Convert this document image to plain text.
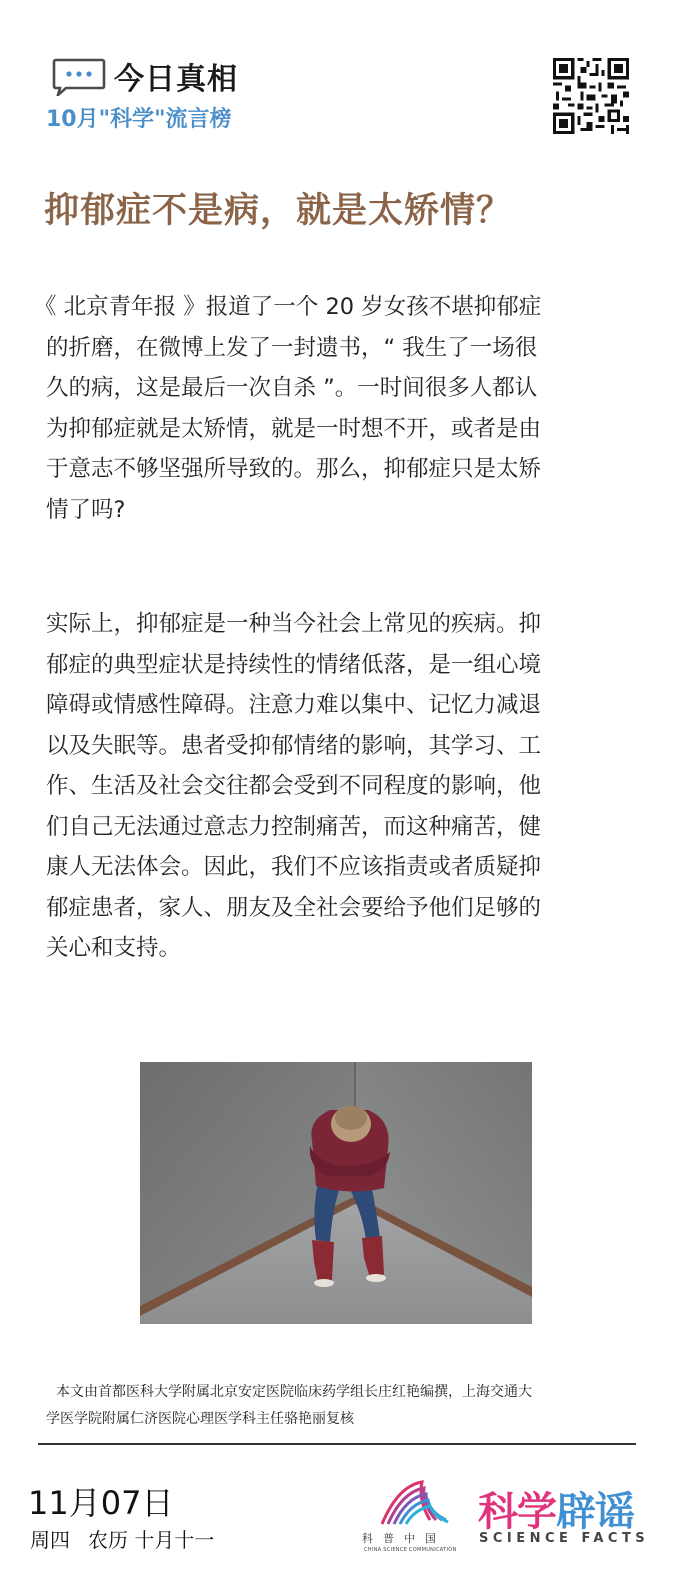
今日真相
10月"科学"流言榜
抑郁症不是病，就是太矫情？
《 北京青年报 》报道了一个 20 岁女孩不堪抑郁症
的折磨，在微博上发了一封遗书，“ 我生了一场很
久的病，这是最后一次自杀 ”。一时间很多人都认
为抑郁症就是太矫情，就是一时想不开，或者是由
于意志不够坚强所导致的。那么，抑郁症只是太矫
情了吗?
实际上，抑郁症是一种当今社会上常见的疾病。抑
郁症的典型症状是持续性的情绪低落，是一组心境
障碍或情感性障碍。注意力难以集中、记忆力减退
以及失眠等。患者受抑郁情绪的影响，其学习、工
作、生活及社会交往都会受到不同程度的影响，他
们自己无法通过意志力控制痛苦，而这种痛苦，健
康人无法体会。因此，我们不应该指责或者质疑抑
郁症患者，家人、朋友及全社会要给予他们足够的
关心和支持。
本文由首都医科大学附属北京安定医院临床药学组长庄红艳编撰，上海交通大
学医学院附属仁济医院心理医学科主任骆艳丽复核
11月07日
周四 农历 十月十一	科普中国
CHINA SCIENCE COMMUNICATION
科学辟谣
SCIENCE FACTS
